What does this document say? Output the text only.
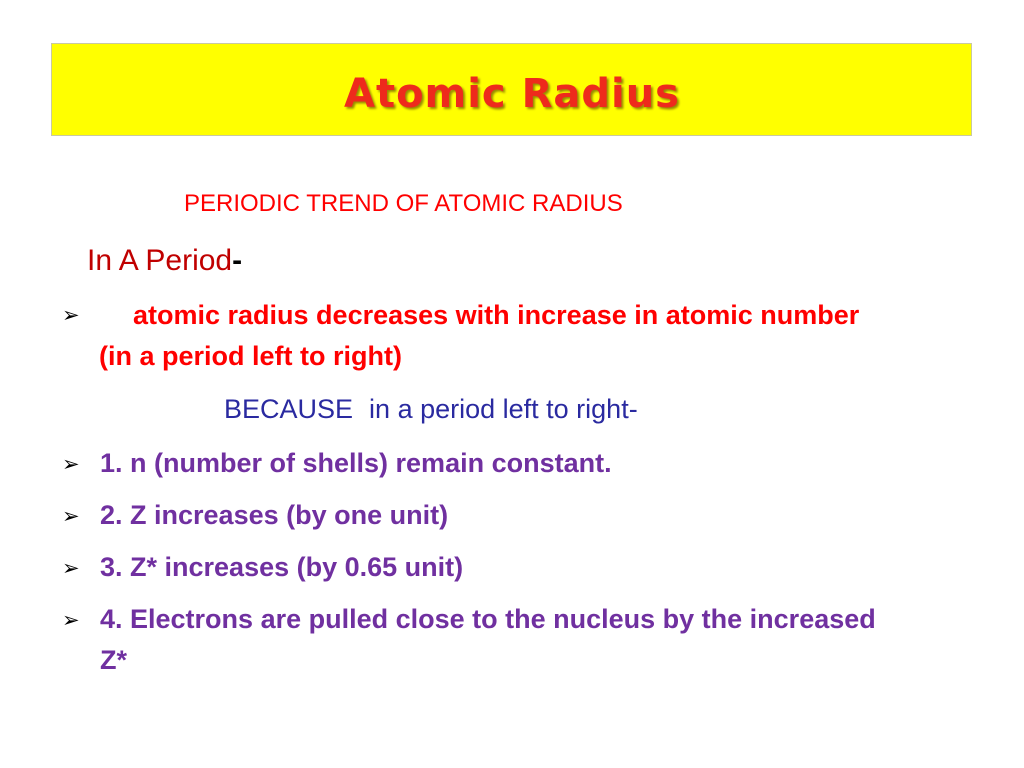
Atomic Radius
PERIODIC TREND OF ATOMIC RADIUS
In A Period-
➢ atomic radius decreases with increase in atomic number
(in a period left to right)
BECAUSE in a period left to right-
➢ 1. n (number of shells) remain constant.
➢ 2. Z increases (by one unit)
➢ 3. Z* increases (by 0.65 unit)
➢ 4. Electrons are pulled close to the nucleus by the increased
Z*
